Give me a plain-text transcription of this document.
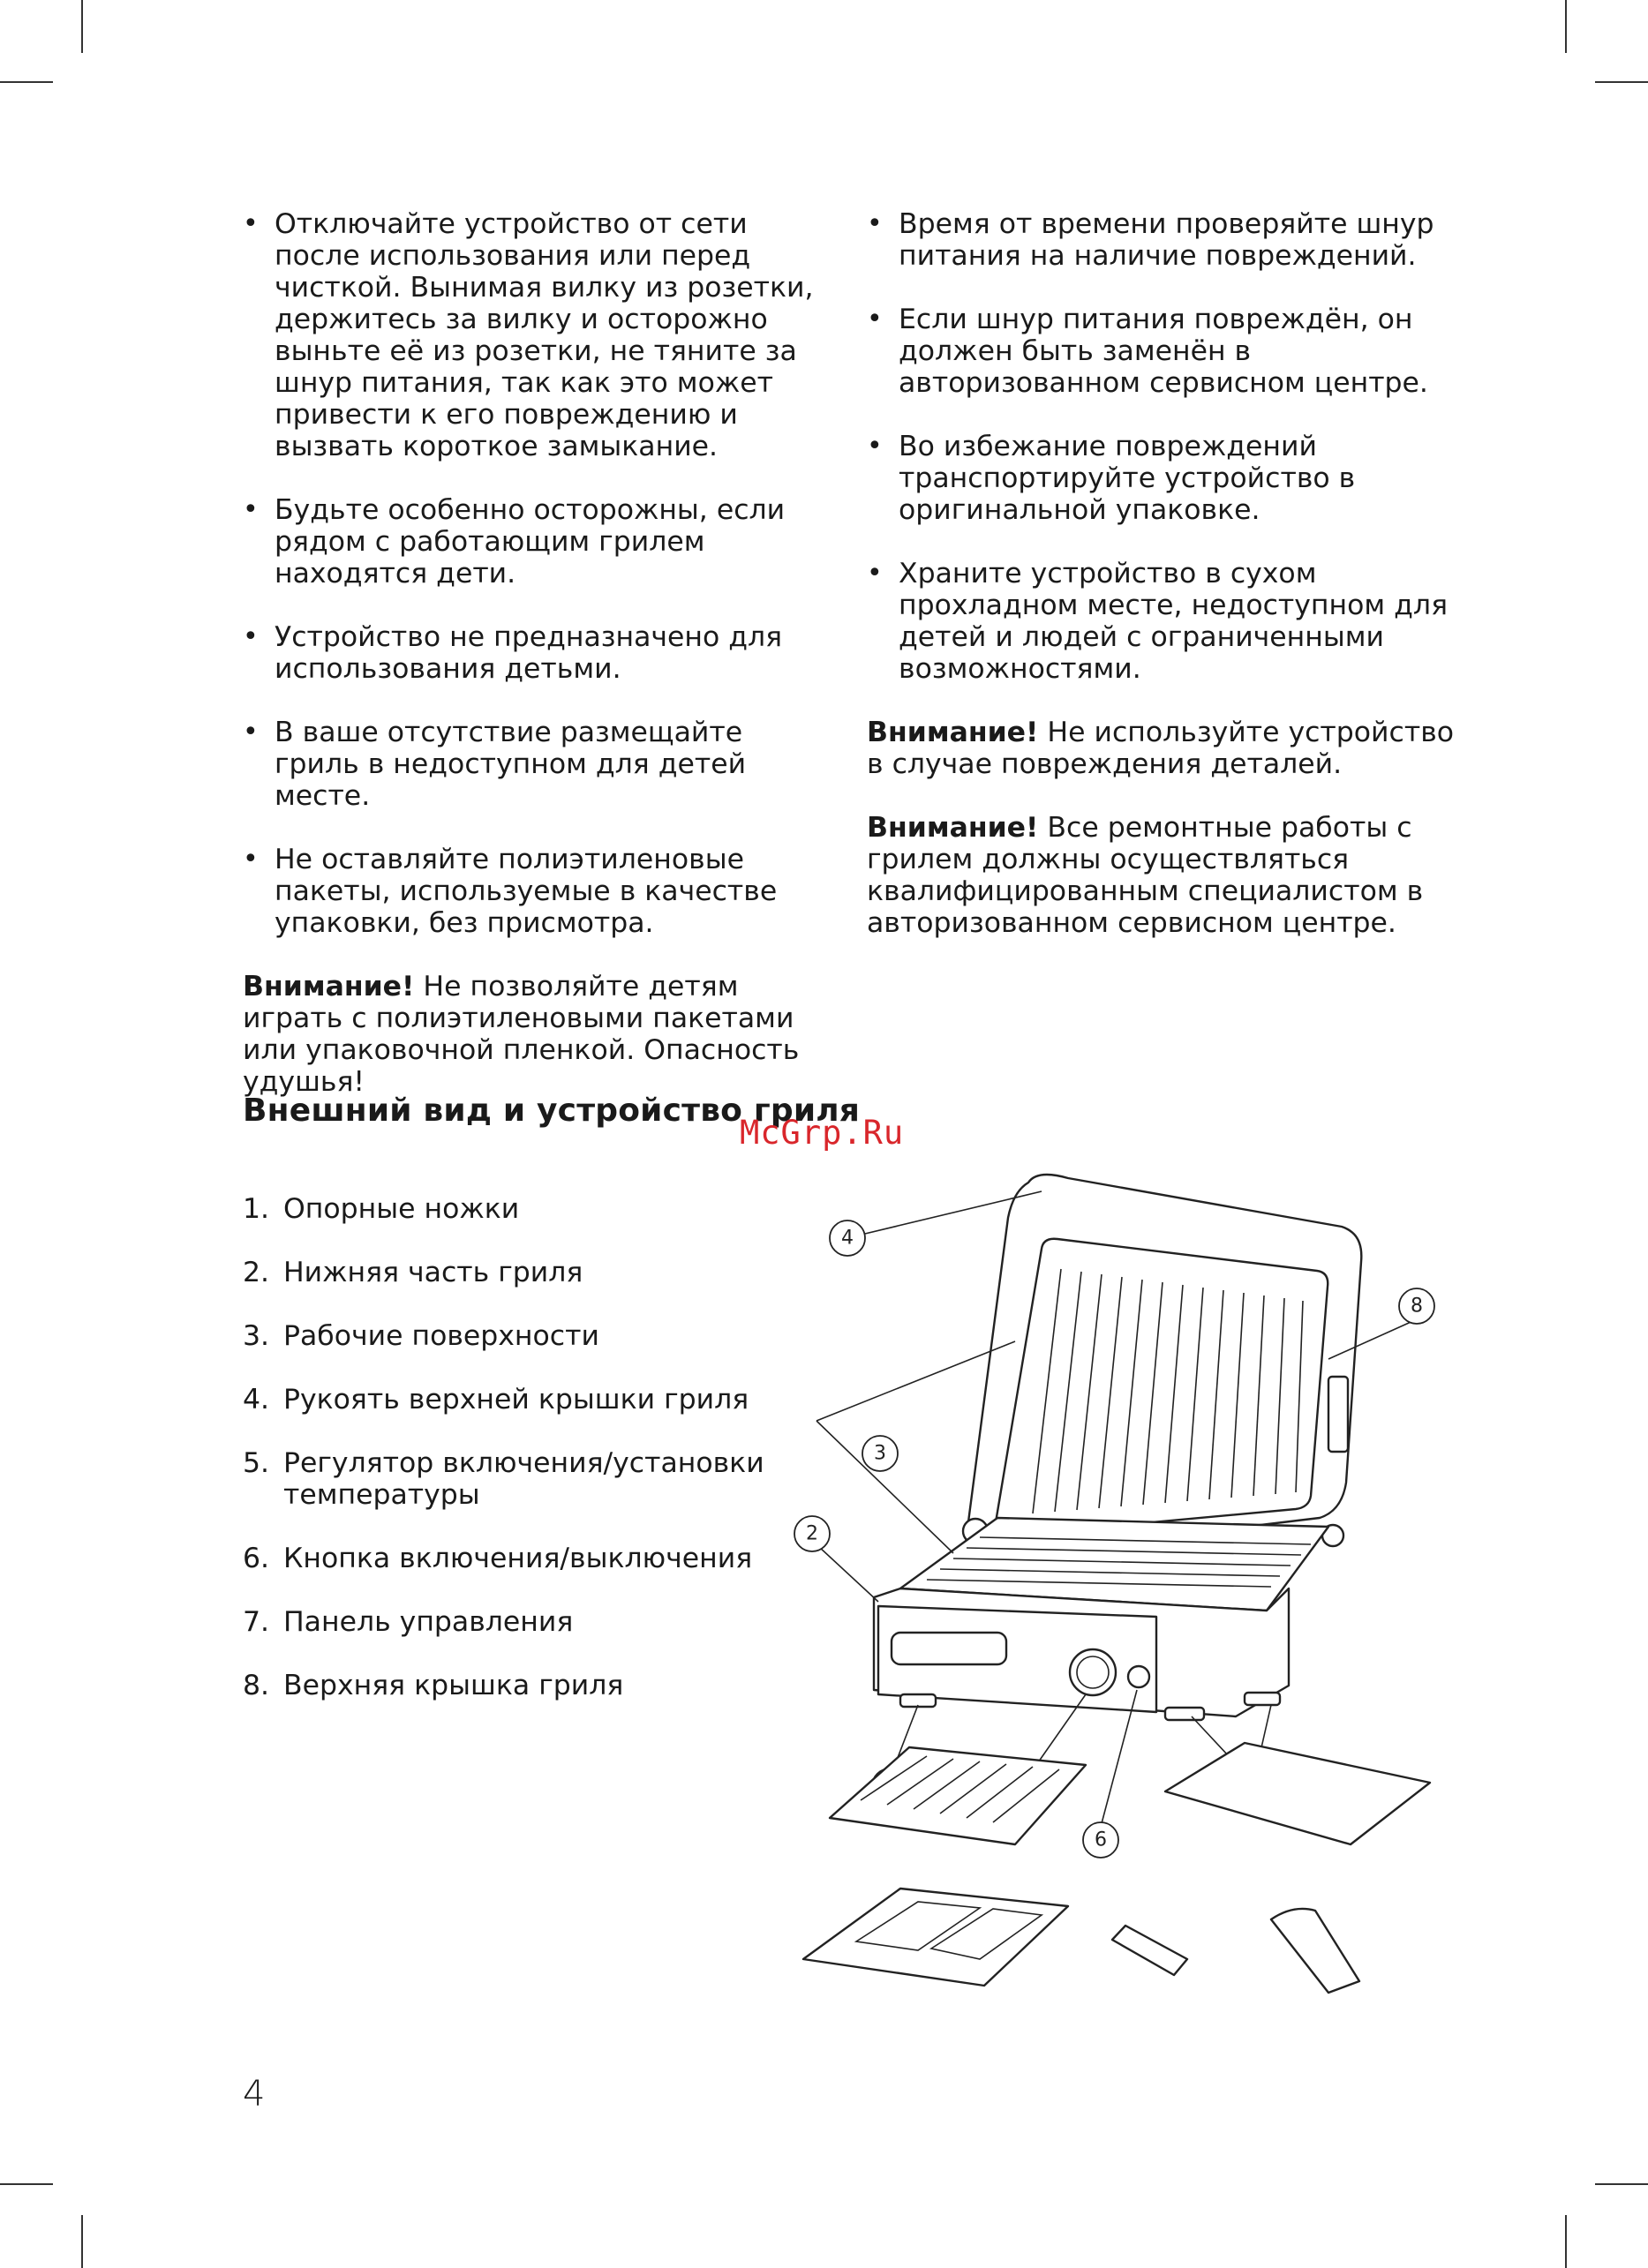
• Отключайте устройство от сети после использования или перед чисткой. Вынимая вилку из розетки, держитесь за вилку и осторожно выньте её из розетки, не тяните за шнур питания, так как это может привести к его повреждению и вызвать короткое замыкание.
• Будьте особенно осторожны, если рядом с работающим грилем находятся дети.
• Устройство не предназначено для использования детьми.
• В ваше отсутствие размещайте гриль в недоступном для детей месте.
• Не оставляйте полиэтиленовые пакеты, используемые в качестве упаковки, без присмотра.

Внимание! Не позволяйте детям играть с полиэтиленовыми пакетами или упаковочной пленкой. Опасность удушья!

• Время от времени проверяйте шнур питания на наличие повреждений.
• Если шнур питания повреждён, он должен быть заменён в авторизованном сервисном центре.
• Во избежание повреждений транспортируйте устройство в оригинальной упаковке.
• Храните устройство в сухом прохладном месте, недоступном для детей и людей с ограниченными возможностями.

Внимание! Не используйте устройство в случае повреждения деталей.

Внимание! Все ремонтные работы с грилем должны осуществляться квалифицированным специалистом в авторизованном сервисном центре.

Внешний вид и устройство гриля
McGrp.Ru
1. Опорные ножки
2. Нижняя часть гриля
3. Рабочие поверхности
4. Рукоять верхней крышки гриля
5. Регулятор включения/установки температуры
6. Кнопка включения/выключения
7. Панель управления
8. Верхняя крышка гриля
4
8
3
2
6
4
